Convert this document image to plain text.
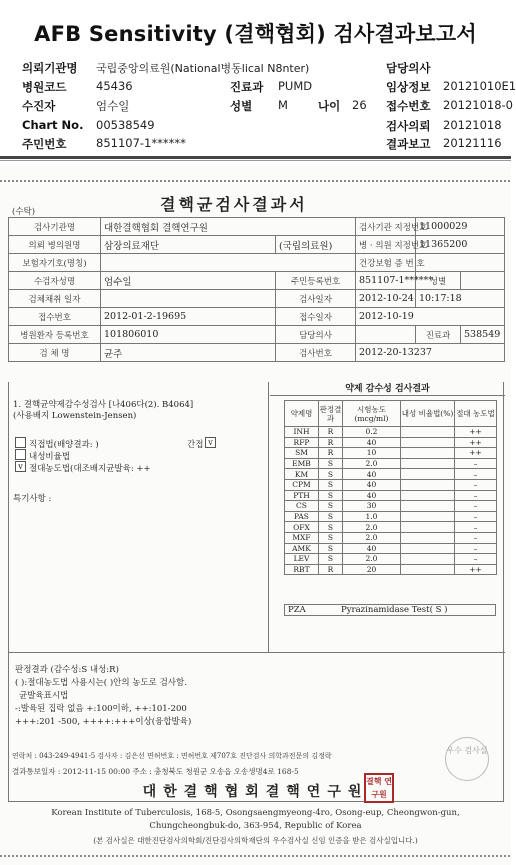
AFB Sensitivity (결핵협회) 검사결과보고서
의뢰기관명 국립중앙의료원(National병동lical N8nter)	담당의사
병원코드	45436	진료과 PUMD	임상정보 20121010E1
수진자	엄수일	성별 M	나이 26 접수번호 20121018-0
Chart No. 00538549	검사의뢰 20121018
주민번호	851107-1******	결과보고 20121116
(수탁)	결핵균검사결과서
검사기관명	대한결핵협회 결핵연구원		검사기관 지정번호	11000029	
의뢰 병의원명	삼장의료재단	(국립의료원)	병 · 의원 지정번호	11365200	
보험자기호(명칭)			건강보험 증 번 호		
수검자성명	엄수일	주민등록번호	851107-1******	성별	
검체채취 일자		검사일자	2012-10-24	10:17:18	
접수번호	2012-01-2-19695	접수일자	2012-10-19		
병원환자 등록번호	101806010	담당의사		진료과	538549
검 체 명	균주	검사번호	2012-20-13237		
1. 결핵균약제감수성검사 [나406다(2). B4064]
(사용배지 Lowenstein-Jensen)
직접법(배양결과: )	간접 v
내성비율법
v 절대농도법(대조배지균발육: ++
특기사항 :
약제 감수성 검사결과
약제명	판정결과	시험농도 (mcg/ml)	내성 비율법(%)	절대 농도법
INH	R	0.2		++
RFP	R	40		++
SM	R	10		++
EMB	S	2.0		–
KM	S	40		–
CPM	S	40		–
PTH	S	40		–
CS	S	30		–
PAS	S	1.0		–
OFX	S	2.0		–
MXF	S	2.0		–
AMK	S	40		–
LEV	S	2.0		–
RBT	R	20		++
PZA	Pyrazinamidase Test( S )
판정결과 (감수성:S 내성:R)
( ):절대농도법 사용시는( )안의 농도로 검사함.
균발육표시법
-:발육된 집락 없음 +:100이하, ++:101-200
+++:201 -500, ++++:+++이상(융합발육)
연락처 : 043-249-4941-5 검사자 : 김은선 면허번호 : 면허번호 제707호 진단검사 의학과전문의 김정락
결과통보일자 : 2012-11-15 00:00 주소 : 충청북도 청원군 오송읍 오송생명4로 168-5
우수 검사실
대한결핵협회결핵연구원
결핵 연구원
Korean Institute of Tuberculosis, 168-5, Osongsaengmyeong-4ro, Osong-eup, Cheongwon-gun,
Chungcheongbuk-do, 363-954, Republic of Korea
(본 검사실은 대한진단검사의학회/진단검사의학재단의 우수검사실 신임 인증을 받은 검사실입니다.)
